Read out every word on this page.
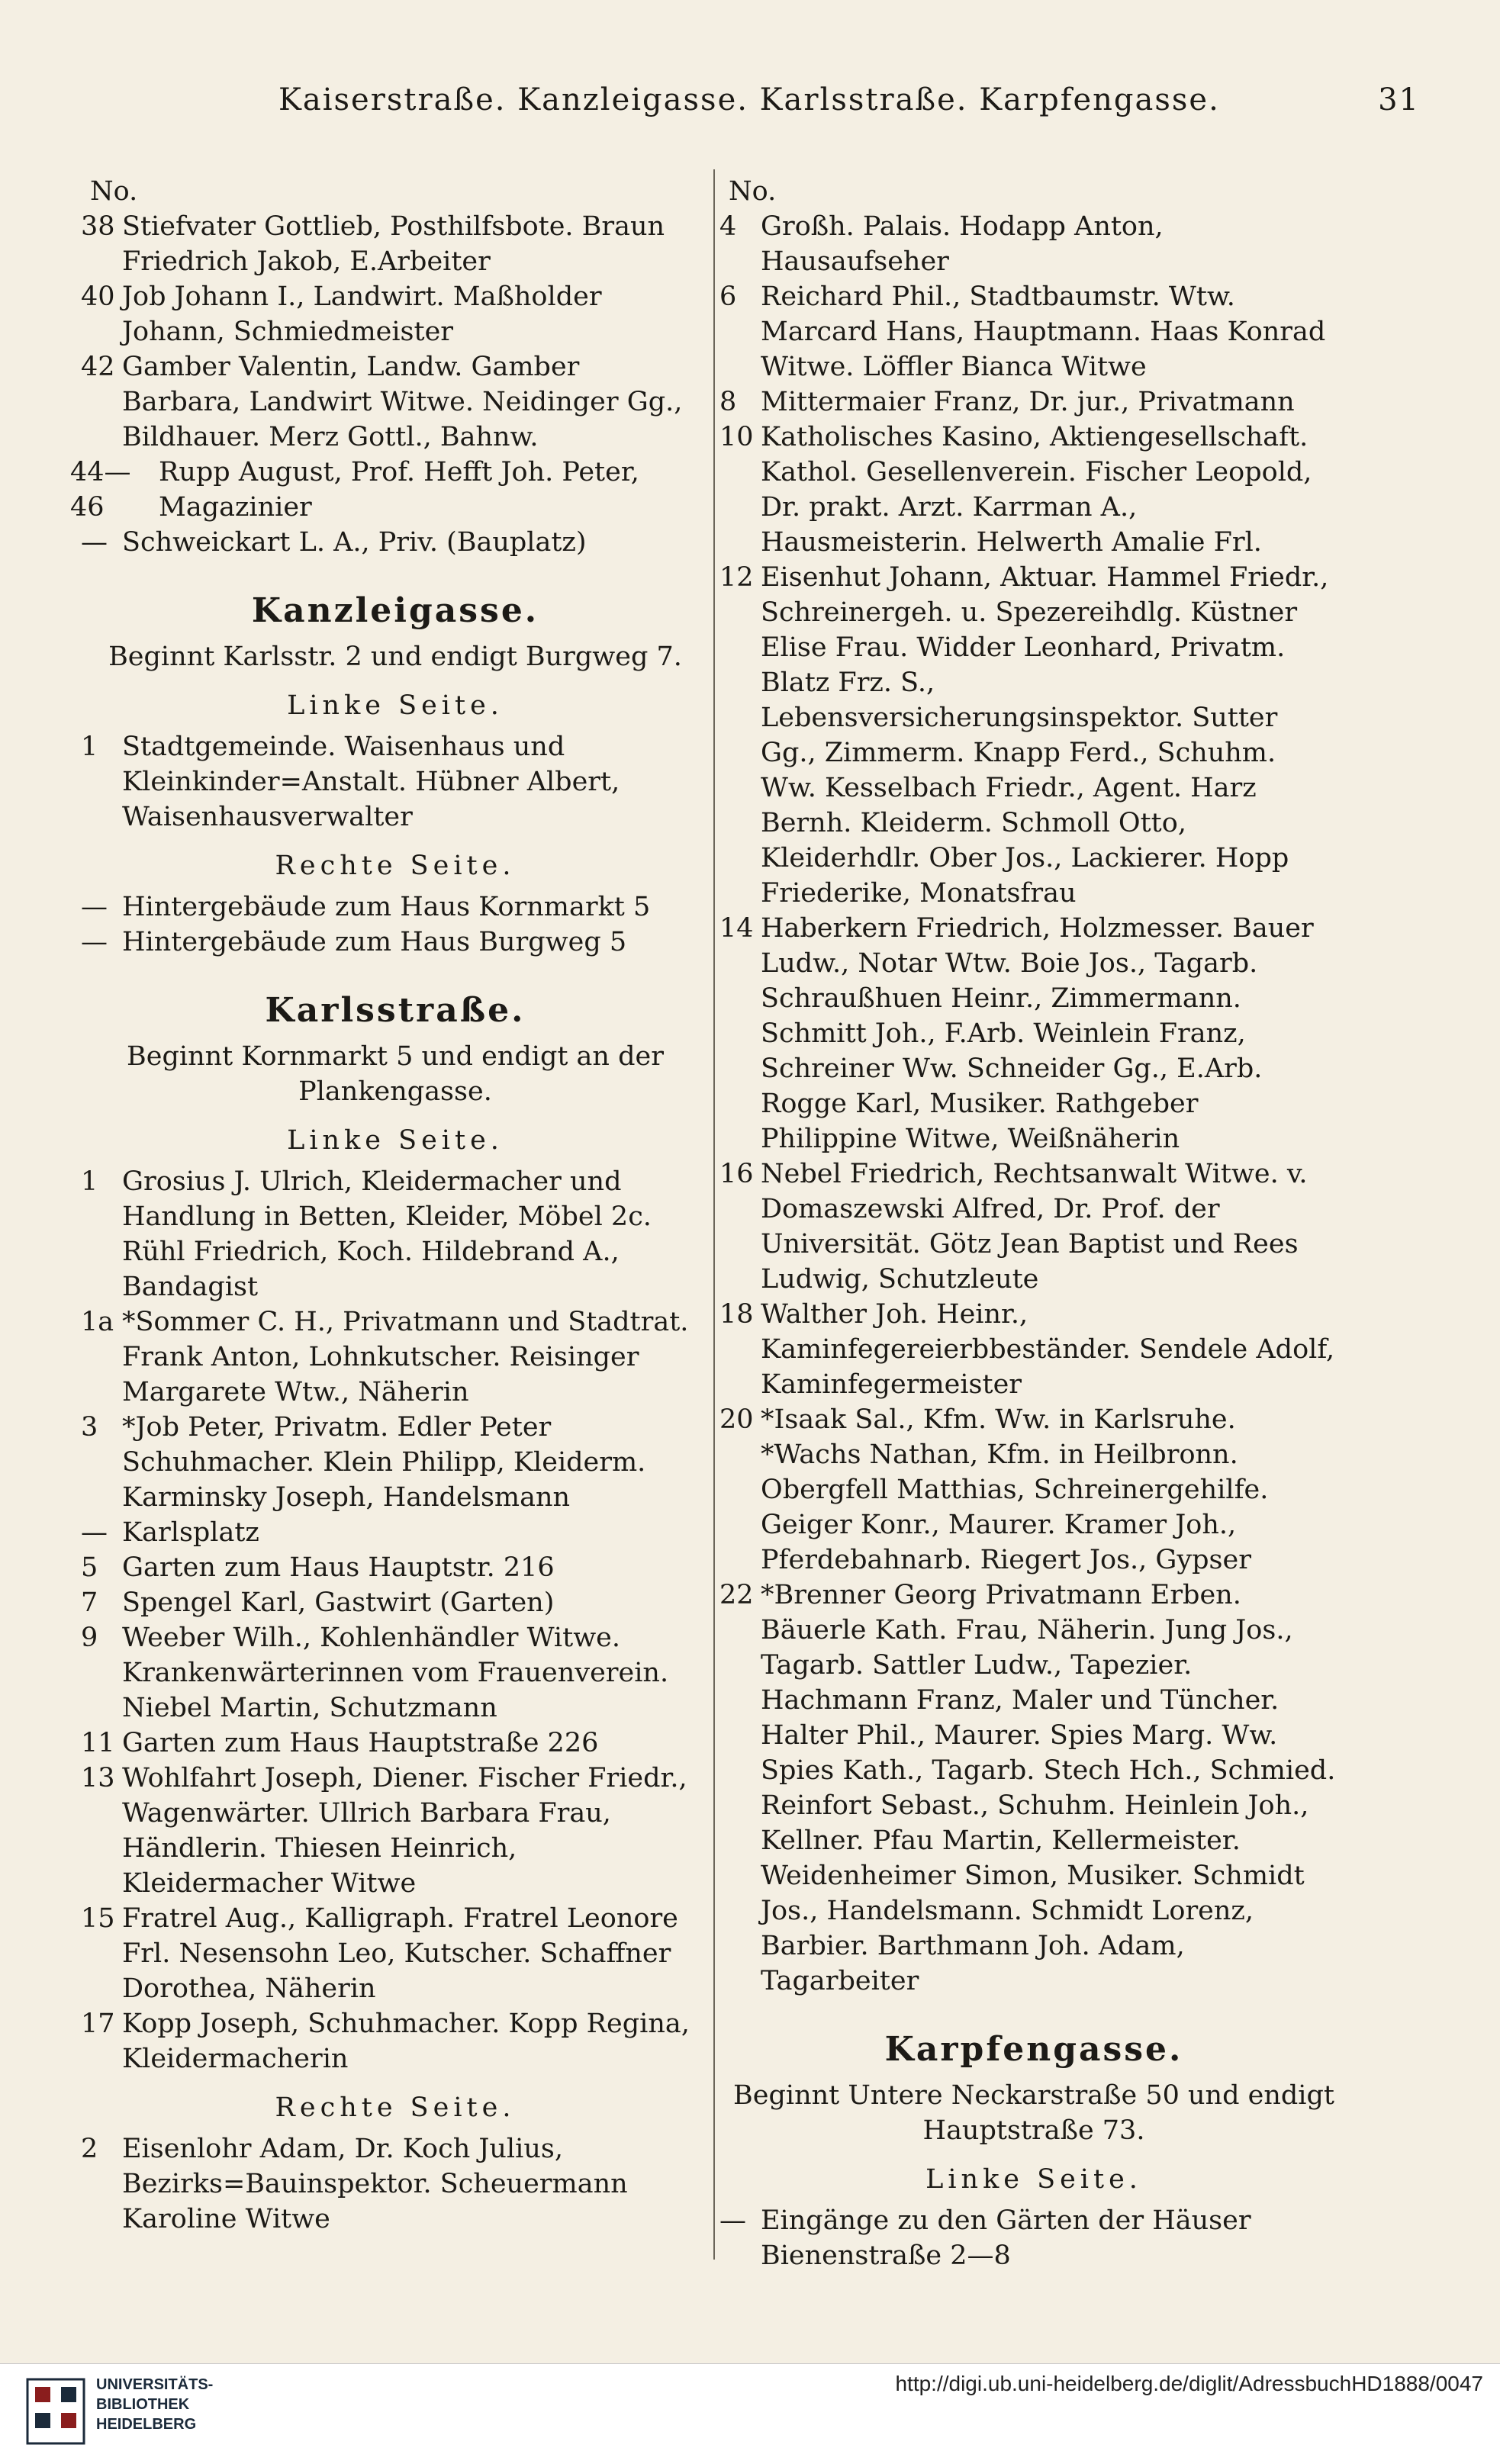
Kaiserstraße. Kanzleigasse. Karlsstraße. Karpfengasse.	31
No.
38 Stiefvater Gottlieb, Posthilfsbote. Braun Friedrich Jakob, E.Arbeiter
40 Job Johann I., Landwirt. Maßholder Johann, Schmiedmeister
42 Gamber Valentin, Landw. Gamber Barbara, Landwirt Witwe. Neidinger Gg., Bildhauer. Merz Gottl., Bahnw.
44—46
Rupp August, Prof. Hefft Joh. Peter, Magazinier
— Schweickart L. A., Priv. (Bauplatz)
Kanzleigasse.
Beginnt Karlsstr. 2 und endigt Burgweg 7.
Linke Seite.
1 Stadtgemeinde. Waisenhaus und Kleinkinder=Anstalt. Hübner Albert, Waisenhausverwalter
Rechte Seite.
— Hintergebäude zum Haus Kornmarkt 5
— Hintergebäude zum Haus Burgweg 5
Karlsstraße.
Beginnt Kornmarkt 5 und endigt an der Plankengasse.
Linke Seite.
1 Grosius J. Ulrich, Kleidermacher und Handlung in Betten, Kleider, Möbel 2c. Rühl Friedrich, Koch. Hildebrand A., Bandagist
1a *Sommer C. H., Privatmann und Stadtrat. Frank Anton, Lohnkutscher. Reisinger Margarete Wtw., Näherin
3 *Job Peter, Privatm. Edler Peter Schuhmacher. Klein Philipp, Kleiderm. Karminsky Joseph, Handelsmann
— Karlsplatz
5 Garten zum Haus Hauptstr. 216
7 Spengel Karl, Gastwirt (Garten)
9 Weeber Wilh., Kohlenhändler Witwe. Krankenwärterinnen vom Frauenverein. Niebel Martin, Schutzmann
11 Garten zum Haus Hauptstraße 226
13 Wohlfahrt Joseph, Diener. Fischer Friedr., Wagenwärter. Ullrich Barbara Frau, Händlerin. Thiesen Heinrich, Kleidermacher Witwe
15 Fratrel Aug., Kalligraph. Fratrel Leonore Frl. Nesensohn Leo, Kutscher. Schaffner Dorothea, Näherin
17 Kopp Joseph, Schuhmacher. Kopp Regina, Kleidermacherin
Rechte Seite.
2 Eisenlohr Adam, Dr. Koch Julius, Bezirks=Bauinspektor. Scheuermann Karoline Witwe
No.
4 Großh. Palais. Hodapp Anton, Hausaufseher
6 Reichard Phil., Stadtbaumstr. Wtw. Marcard Hans, Hauptmann. Haas Konrad Witwe. Löffler Bianca Witwe
8 Mittermaier Franz, Dr. jur., Privatmann
10 Katholisches Kasino, Aktiengesellschaft. Kathol. Gesellenverein. Fischer Leopold, Dr. prakt. Arzt. Karrman A., Hausmeisterin. Helwerth Amalie Frl.
12 Eisenhut Johann, Aktuar. Hammel Friedr., Schreinergeh. u. Spezereihdlg. Küstner Elise Frau. Widder Leonhard, Privatm. Blatz Frz. S., Lebensversicherungsinspektor. Sutter Gg., Zimmerm. Knapp Ferd., Schuhm. Ww. Kesselbach Friedr., Agent. Harz Bernh. Kleiderm. Schmoll Otto, Kleiderhdlr. Ober Jos., Lackierer. Hopp Friederike, Monatsfrau
14 Haberkern Friedrich, Holzmesser. Bauer Ludw., Notar Wtw. Boie Jos., Tagarb. Schraußhuen Heinr., Zimmermann. Schmitt Joh., F.Arb. Weinlein Franz, Schreiner Ww. Schneider Gg., E.Arb. Rogge Karl, Musiker. Rathgeber Philippine Witwe, Weißnäherin
16 Nebel Friedrich, Rechtsanwalt Witwe. v. Domaszewski Alfred, Dr. Prof. der Universität. Götz Jean Baptist und Rees Ludwig, Schutzleute
18 Walther Joh. Heinr., Kaminfegereierbbeständer. Sendele Adolf, Kaminfegermeister
20 *Isaak Sal., Kfm. Ww. in Karlsruhe. *Wachs Nathan, Kfm. in Heilbronn. Obergfell Matthias, Schreinergehilfe. Geiger Konr., Maurer. Kramer Joh., Pferdebahnarb. Riegert Jos., Gypser
22 *Brenner Georg Privatmann Erben. Bäuerle Kath. Frau, Näherin. Jung Jos., Tagarb. Sattler Ludw., Tapezier. Hachmann Franz, Maler und Tüncher. Halter Phil., Maurer. Spies Marg. Ww. Spies Kath., Tagarb. Stech Hch., Schmied. Reinfort Sebast., Schuhm. Heinlein Joh., Kellner. Pfau Martin, Kellermeister. Weidenheimer Simon, Musiker. Schmidt Jos., Handelsmann. Schmidt Lorenz, Barbier. Barthmann Joh. Adam, Tagarbeiter
Karpfengasse.
Beginnt Untere Neckarstraße 50 und endigt Hauptstraße 73.
Linke Seite.
— Eingänge zu den Gärten der Häuser Bienenstraße 2—8
UNIVERSITÄTS-
BIBLIOTHEK
HEIDELBERG
http://digi.ub.uni-heidelberg.de/diglit/AdressbuchHD1888/0047
